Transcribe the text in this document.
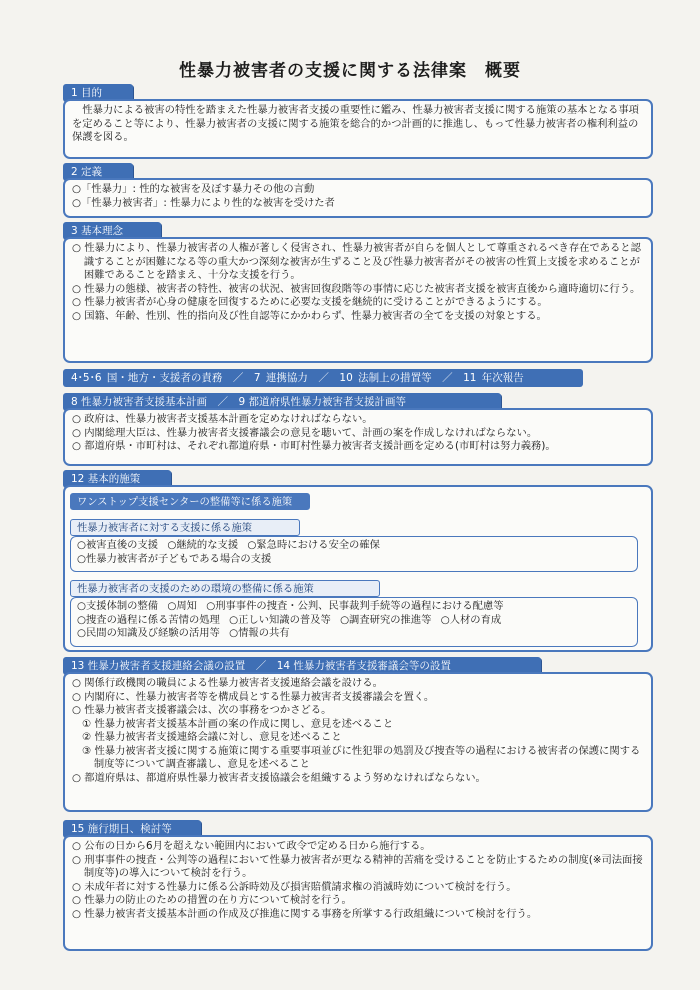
性暴力被害者の支援に関する法律案　概要
1 目的

性暴力による被害の特性を踏まえた性暴力被害者支援の重要性に鑑み、性暴力被害者支援に関する施策の基本となる事項を定めること等により、性暴力被害者の支援に関する施策を総合的かつ計画的に推進し、もって性暴力被害者の権利利益の保護を図る。

2 定義

○「性暴力」: 性的な被害を及ぼす暴力その他の言動

○「性暴力被害者」: 性暴力により性的な被害を受けた者

3 基本理念

○ 性暴力により、性暴力被害者の人権が著しく侵害され、性暴力被害者が自らを個人として尊重されるべき存在であると認識することが困難になる等の重大かつ深刻な被害が生ずること及び性暴力被害者がその被害の性質上支援を求めることが困難であることを踏まえ、十分な支援を行う。

○ 性暴力の態様、被害者の特性、被害の状況、被害回復段階等の事情に応じた被害者支援を被害直後から適時適切に行う。

○ 性暴力被害者が心身の健康を回復するために必要な支援を継続的に受けることができるようにする。

○ 国籍、年齢、性別、性的指向及び性自認等にかかわらず、性暴力被害者の全てを支援の対象とする。

4･5･6 国・地方・支援者の責務　／　7 連携協力　／　10 法制上の措置等　／　11 年次報告
8 性暴力被害者支援基本計画　／　9 都道府県性暴力被害者支援計画等

○ 政府は、性暴力被害者支援基本計画を定めなければならない。

○ 内閣総理大臣は、性暴力被害者支援審議会の意見を聴いて、計画の案を作成しなければならない。

○ 都道府県・市町村は、それぞれ都道府県・市町村性暴力被害者支援計画を定める(市町村は努力義務)。

12 基本的施策
ワンストップ支援センターの整備等に係る施策
性暴力被害者に対する支援に係る施策
○被害直後の支援 ○継続的な支援 ○緊急時における安全の確保
○性暴力被害者が子どもである場合の支援
性暴力被害者の支援のための環境の整備に係る施策
○支援体制の整備 ○周知 ○刑事事件の捜査・公判、民事裁判手続等の過程における配慮等
○捜査の過程に係る苦情の処理 ○正しい知識の普及等 ○調査研究の推進等 ○人材の育成
○民間の知識及び経験の活用等 ○情報の共有
13 性暴力被害者支援連絡会議の設置　／　14 性暴力被害者支援審議会等の設置

○ 関係行政機関の職員による性暴力被害者支援連絡会議を設ける。

○ 内閣府に、性暴力被害者等を構成員とする性暴力被害者支援審議会を置く。

○ 性暴力被害者支援審議会は、次の事務をつかさどる。

① 性暴力被害者支援基本計画の案の作成に関し、意見を述べること

② 性暴力被害者支援連絡会議に対し、意見を述べること

③ 性暴力被害者支援に関する施策に関する重要事項並びに性犯罪の処罰及び捜査等の過程における被害者の保護に関する制度等について調査審議し、意見を述べること

○ 都道府県は、都道府県性暴力被害者支援協議会を組織するよう努めなければならない。

15 施行期日、検討等

○ 公布の日から6月を超えない範囲内において政令で定める日から施行する。

○ 刑事事件の捜査・公判等の過程において性暴力被害者が更なる精神的苦痛を受けることを防止するための制度(※司法面接制度等)の導入について検討を行う。

○ 未成年者に対する性暴力に係る公訴時効及び損害賠償請求権の消滅時効について検討を行う。

○ 性暴力の防止のための措置の在り方について検討を行う。

○ 性暴力被害者支援基本計画の作成及び推進に関する事務を所掌する行政組織について検討を行う。
